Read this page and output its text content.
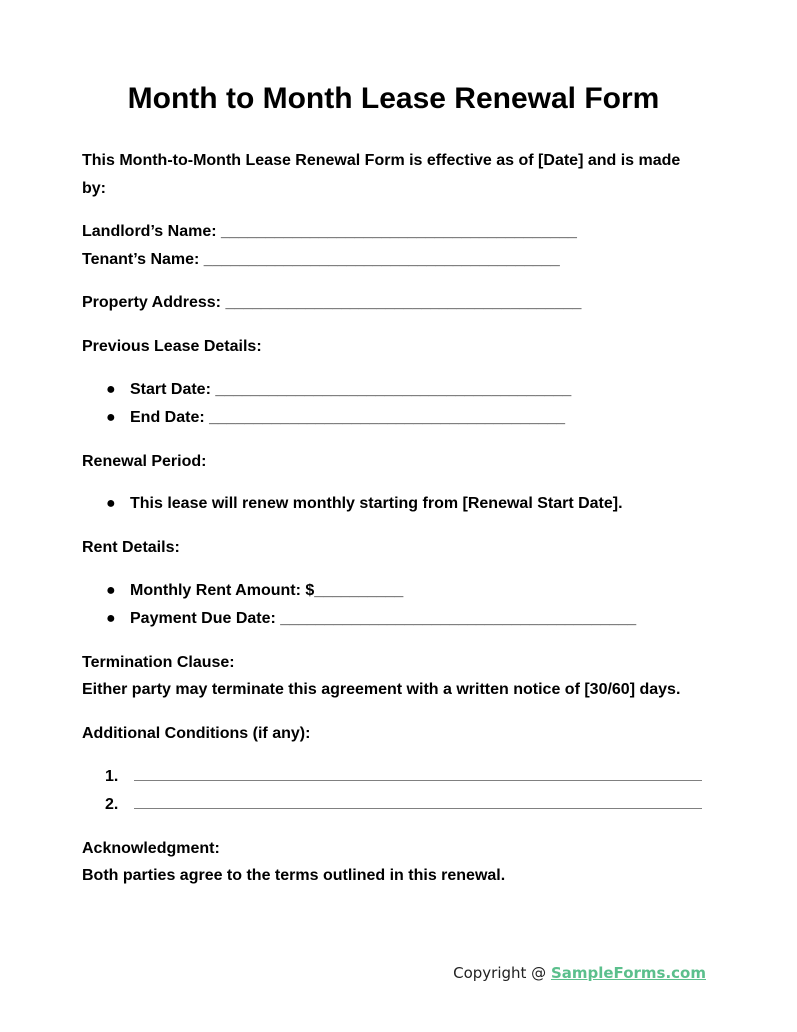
Month to Month Lease Renewal Form
This Month-to-Month Lease Renewal Form is effective as of [Date] and is made
by:
Landlord’s Name: ________________________________________
Tenant’s Name: ________________________________________
Property Address: ________________________________________
Previous Lease Details:
● Start Date: ________________________________________
● End Date: ________________________________________
Renewal Period:
● This lease will renew monthly starting from [Renewal Start Date].
Rent Details:
● Monthly Rent Amount: $__________
● Payment Due Date: ________________________________________
Termination Clause:
Either party may terminate this agreement with a written notice of [30/60] days.
Additional Conditions (if any):
1.
2.
Acknowledgment:
Both parties agree to the terms outlined in this renewal.
Copyright @ SampleForms.com
